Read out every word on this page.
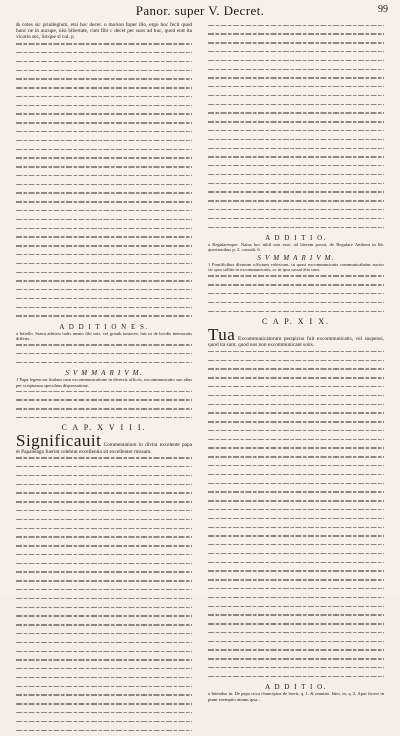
Panor. super V. Decret.	99

& cotes sic priuilegium, etsi hoc decer. o morion foper illo, ergo hoc fecit quod hunc ne in aucupe, nisi bibertate, cum fibi c decet per suos ad huc, quod erat ita vicotio sec, Sicque si cul. p

A D D I T I O N E S.

a Intiello. Statut arbitrio iudis meato fibi suis, vel grauib iuniores, fuit ea de hocdis memoratis differis...

S V M M A R I V M.

1 Papa legem sui titulam cum excommunicatione in diversis officiis, excommunicatio suo alias per scripturum speculum dispensatione.

C A P. X V I I I.

Significauit Commentatium in divini excelente papa et Papaneago fuerint celebrat excellentia sit excellenter missam.

A D D I T I O.

a Regularesque: Natus hoc nihil non esse, ad literam possit, de Regulare Anthoni in lib. questionibus p. 2. cassuth. 6.

S V M M A R I V M.

1 Pontificibus divinum officium vobiscum, in quasi excommunicatis communicabatur auctor sic ipso sollite in excommunicatis, ac in ipsa cassat alia cum.

C A P. X I X.

Tua Excommunicatorum perspicuo fuit excommunicatis, vel suspensi, quod ita sunt, quod nos non excommunicant solis.

A D D I T I O.

a Intendus in. De papa circa chuncipioa de fuerit, q. 1. & omnino. Ideo, in, q. 2. Aput facere in pium exemptio uinum ipsa...
